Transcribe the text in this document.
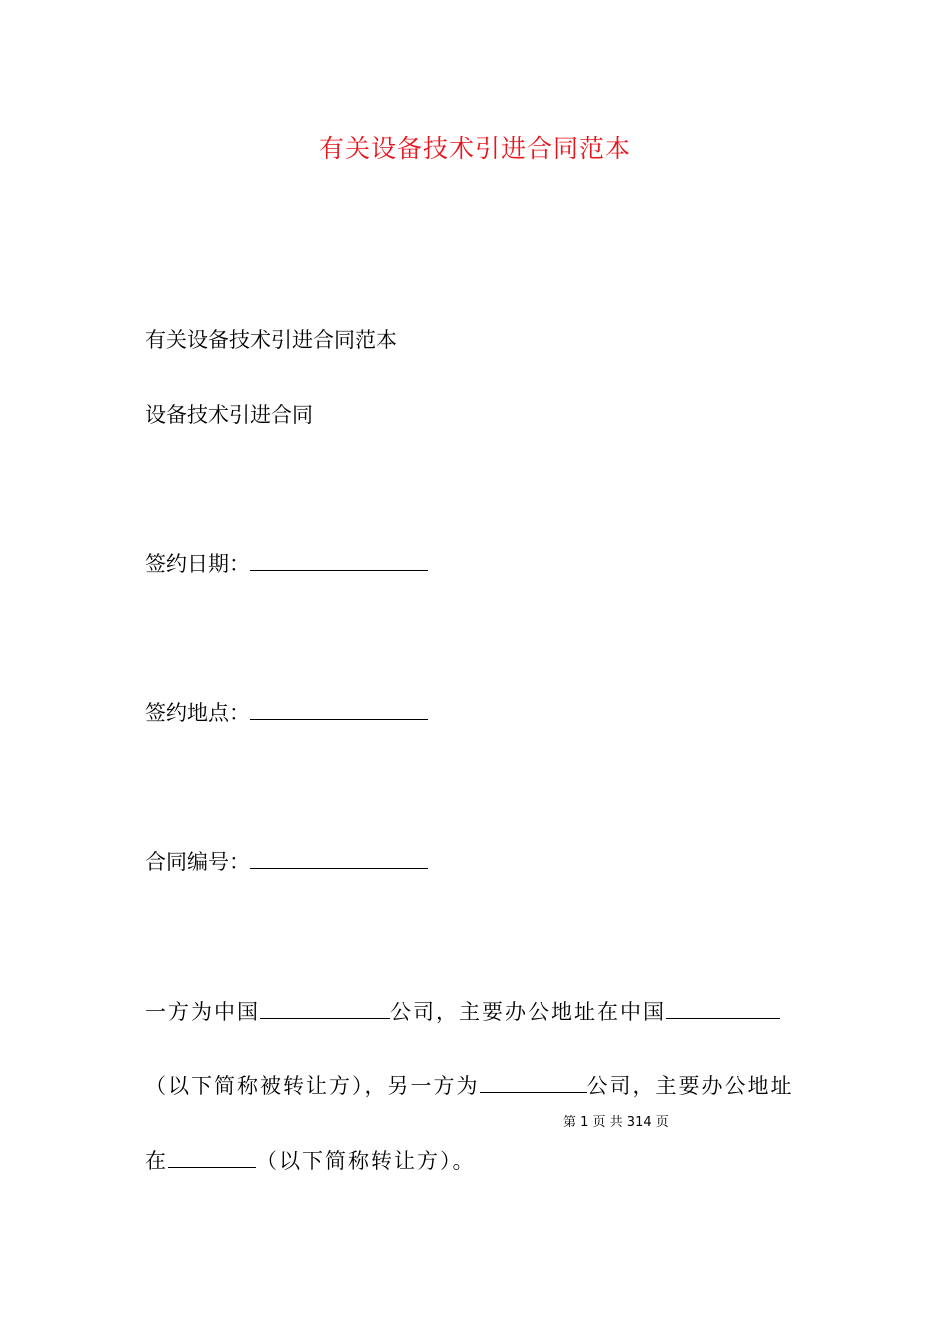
有关设备技术引进合同范本
有关设备技术引进合同范本
设备技术引进合同
签约日期：
签约地点：
合同编号：
一方为中国	公司，主要办公地址在中国
（以下简称被转让方），另一方为	公司，主要办公地址
第 1 页 共 314 页
在	（以下简称转让方）。
